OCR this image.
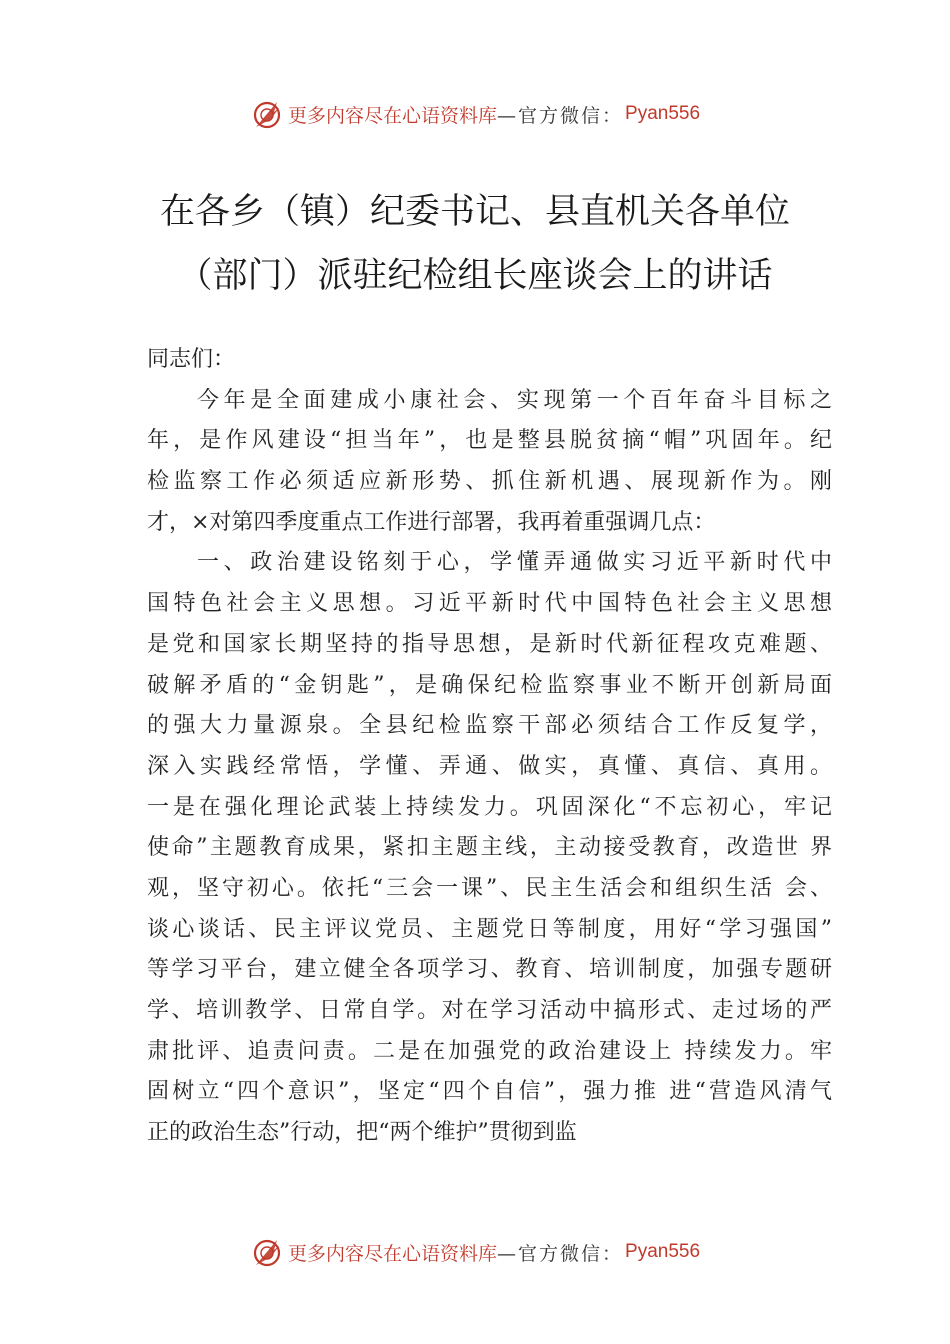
更多内容尽在 心语资料库 —官方微信： Pyan556
在各乡（镇）纪委书记、县直机关各单位
（部门）派驻纪检组长座谈会上的讲话
同志们：
今年是全面建成小康社会、实现第一个百年奋斗目标之
年，是作风建设“担当年”，也是整县脱贫摘“帽”巩固年。纪
检监察工作必须适应新形势、抓住新机遇、展现新作为。刚
才，×对第四季度重点工作进行部署，我再着重强调几点：
一、政治建设铭刻于心，学懂弄通做实习近平新时代中
国特色社会主义思想。习近平新时代中国特色社会主义思想
是党和国家长期坚持的指导思想，是新时代新征程攻克难题、
破解矛盾的“金钥匙”，是确保纪检监察事业不断开创新局面
的强大力量源泉。全县纪检监察干部必须结合工作反复学，
深入实践经常悟，学懂、弄通、做实，真懂、真信、真用。
一是在强化理论武装上持续发力。巩固深化“不忘初心，牢记
使命”主题教育成果，紧扣主题主线，主动接受教育，改造世 界
观，坚守初心。依托“三会一课”、民主生活会和组织生活 会、
谈心谈话、民主评议党员、主题党日等制度，用好“学习强国”
等学习平台，建立健全各项学习、教育、培训制度，加强专题研
学、培训教学、日常自学。对在学习活动中搞形式、走过场的严
肃批评、追责问责。二是在加强党的政治建设上 持续发力。牢
固树立“四个意识”，坚定“四个自信”，强力推 进“营造风清气
正的政治生态”行动，把“两个维护”贯彻到监
更多内容尽在 心语资料库 —官方微信： Pyan556
